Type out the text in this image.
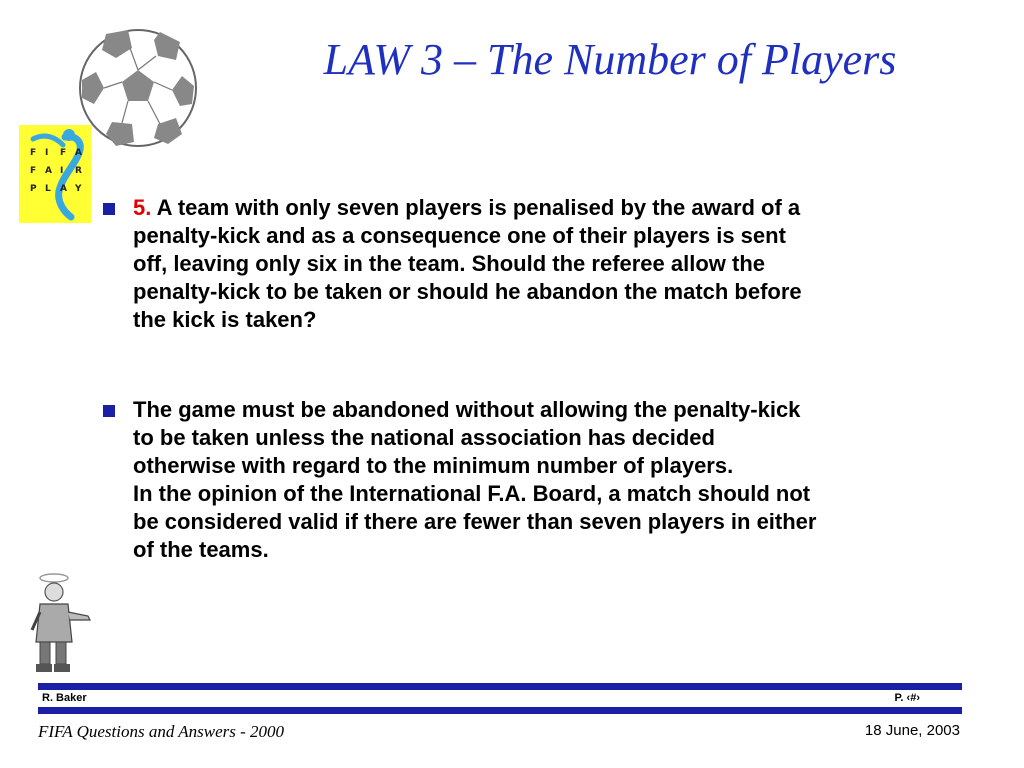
LAW 3 – The Number of Players
F I F A
F A I R
P L A Y
5. A team with only seven players is penalised by the award of a
penalty-kick and as a consequence one of their players is sent
off, leaving only six in the team. Should the referee allow the
penalty-kick to be taken or should he abandon the match before
the kick is taken?
The game must be abandoned without allowing the penalty-kick
to be taken unless the national association has decided
otherwise with regard to the minimum number of players.
In the opinion of the International F.A. Board, a match should not
be considered valid if there are fewer than seven players in either
of the teams.
R. Baker	P. ‹#›
FIFA Questions and Answers - 2000	18 June, 2003
